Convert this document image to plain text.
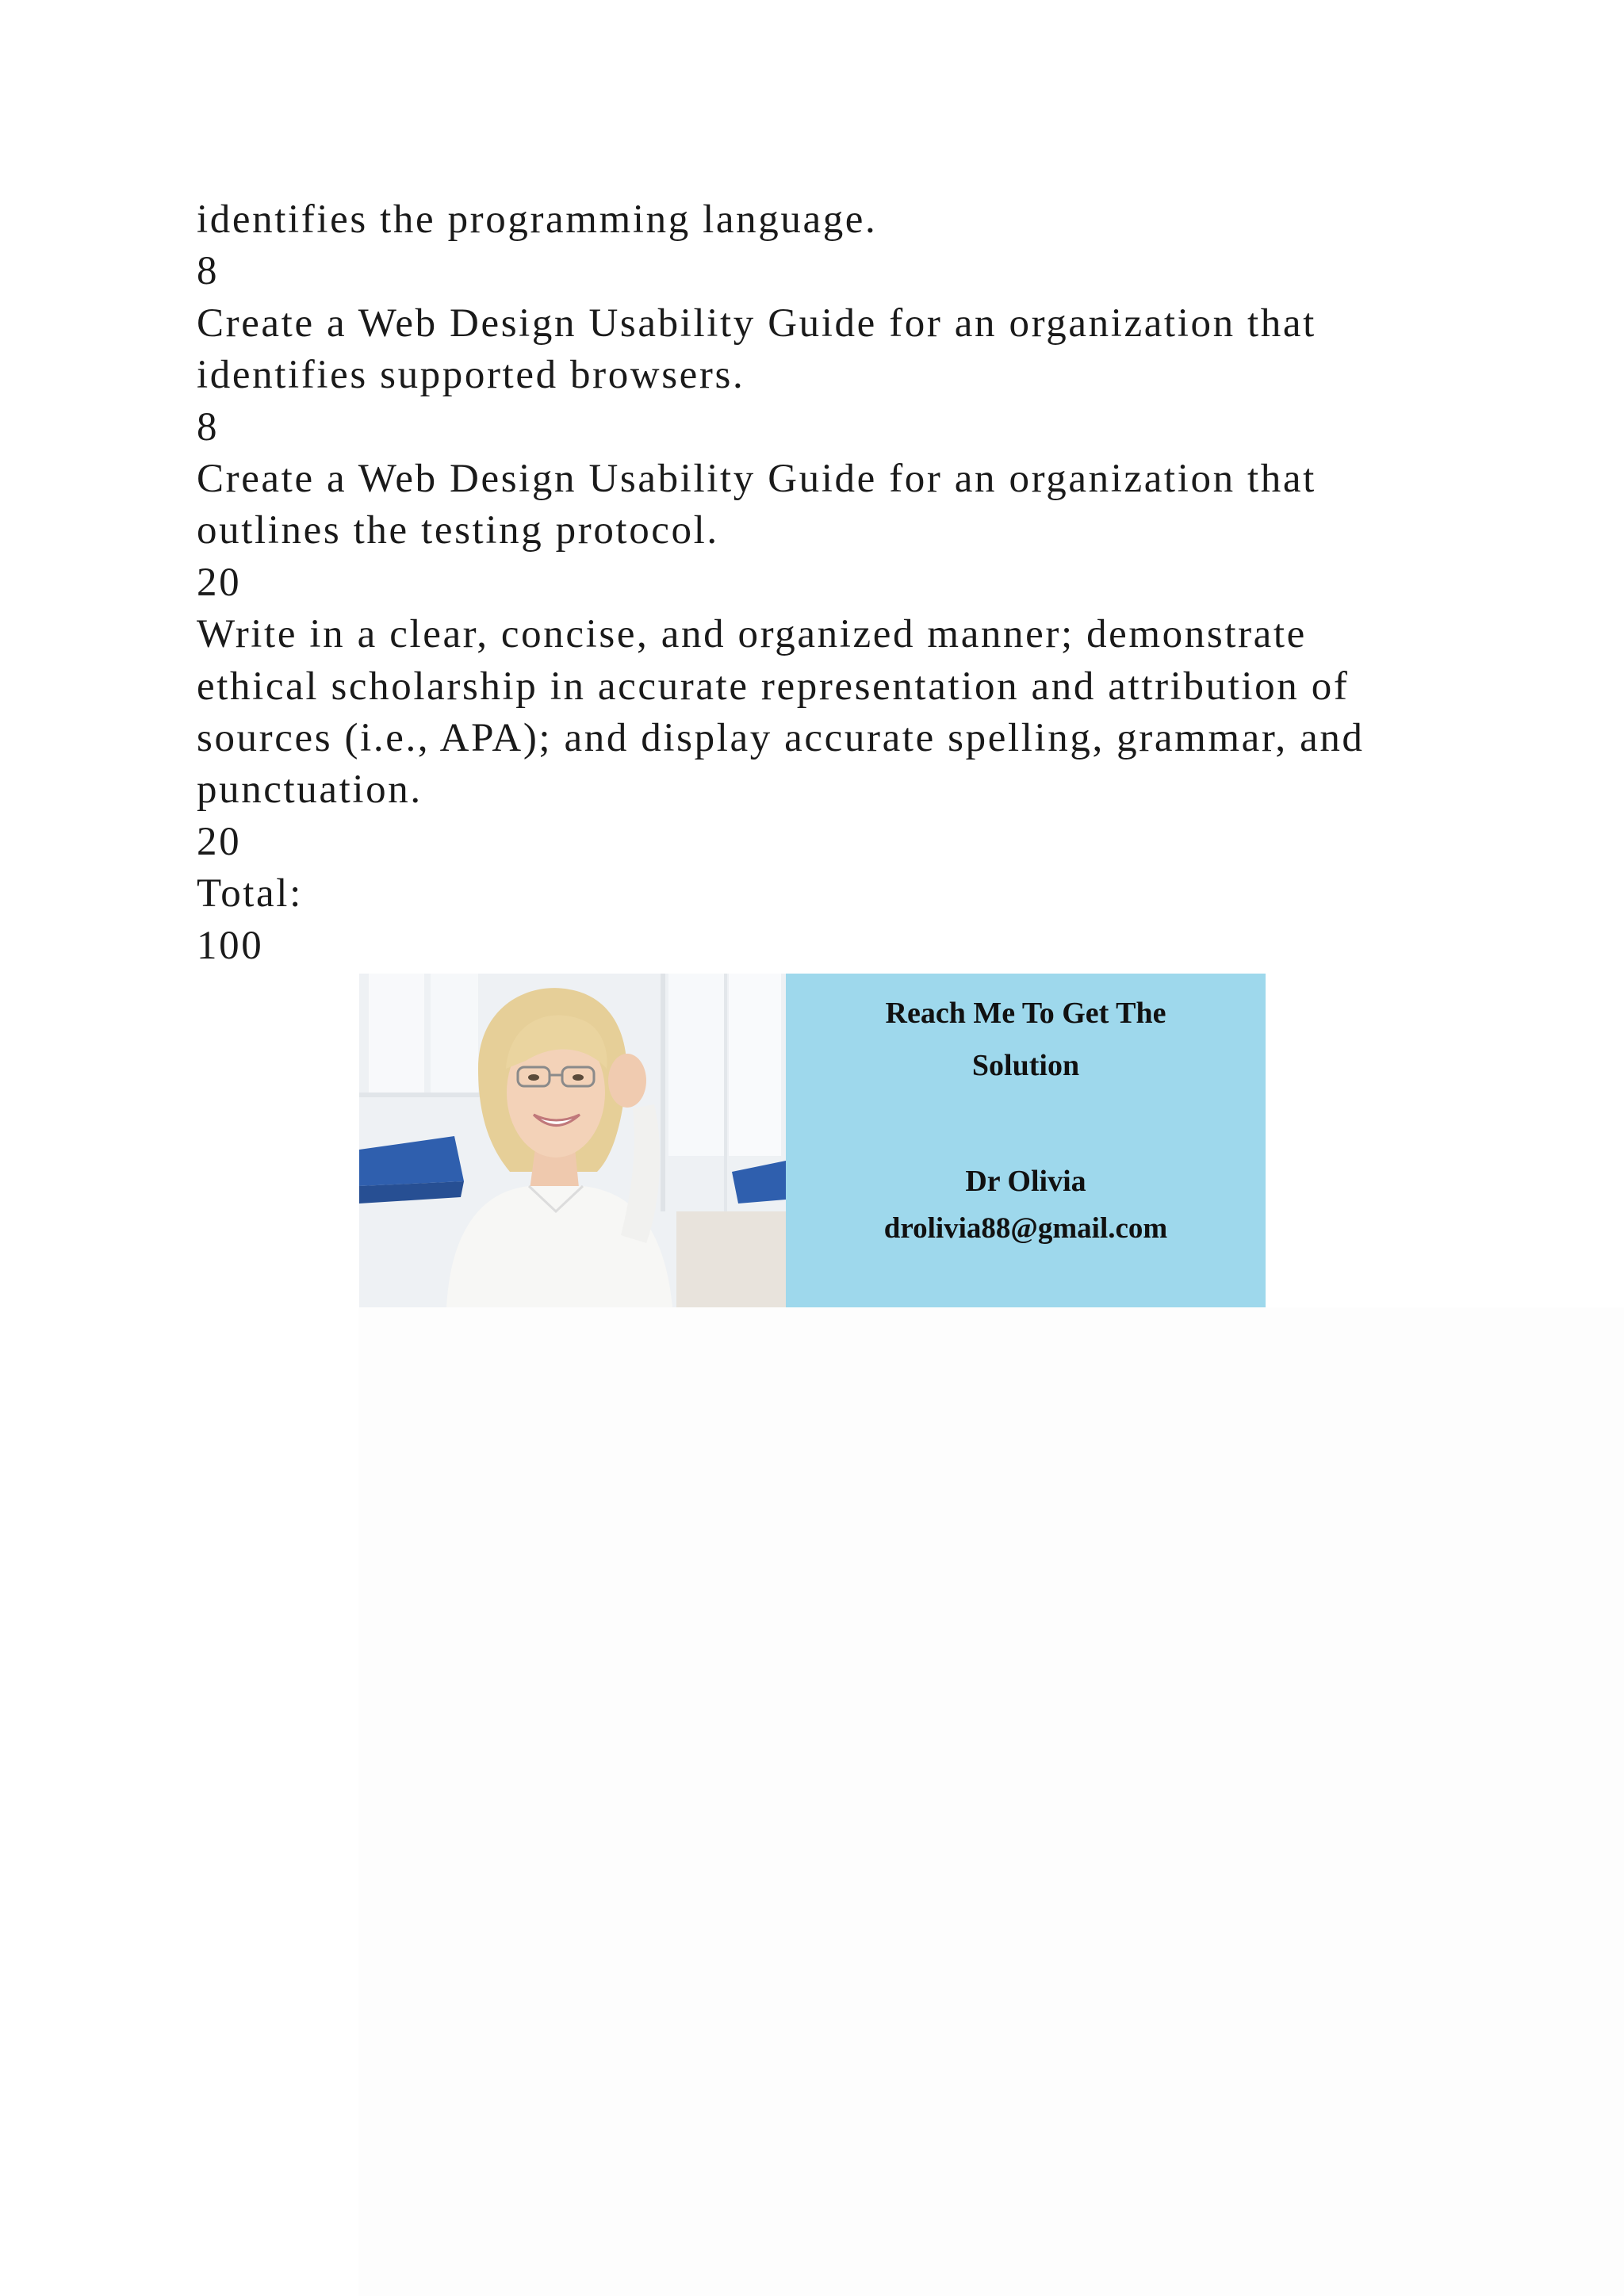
identifies the programming language.
8
Create a Web Design Usability Guide for an organization that
identifies supported browsers.
8
Create a Web Design Usability Guide for an organization that
outlines the testing protocol.
20
Write in a clear, concise, and organized manner; demonstrate
ethical scholarship in accurate representation and attribution of
sources (i.e., APA); and display accurate spelling, grammar, and
punctuation.
20
Total:
100
Reach Me To Get The
Solution
Dr Olivia
drolivia88@gmail.com
